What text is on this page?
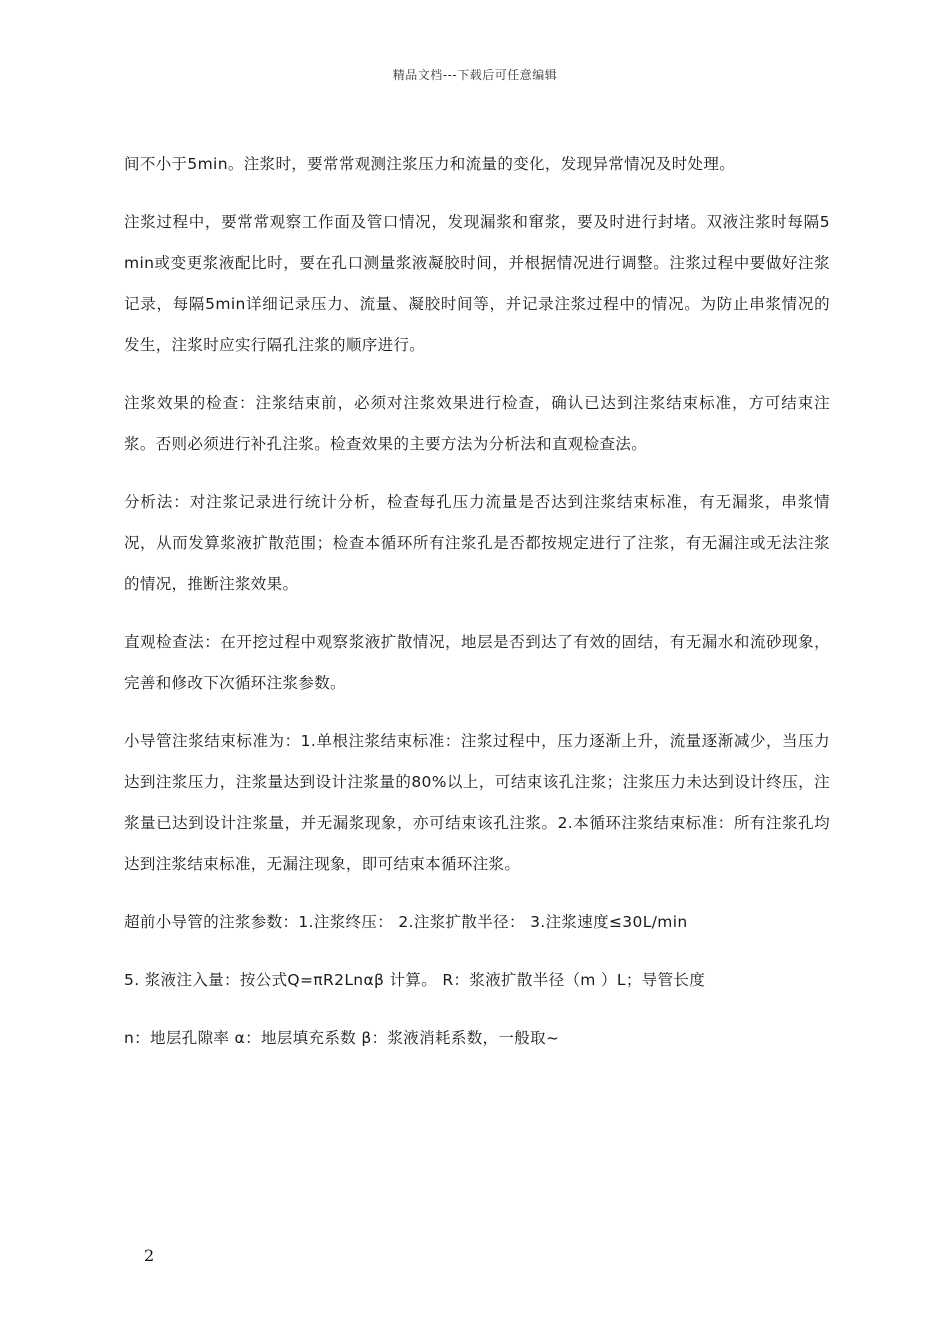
精品文档---下载后可任意编辑

间不小于5min。注浆时，要常常观测注浆压力和流量的变化，发现异常情况及时处理。

注浆过程中，要常常观察工作面及管口情况，发现漏浆和窜浆，要及时进行封堵。双液注浆时每隔5min或变更浆液配比时，要在孔口测量浆液凝胶时间，并根据情况进行调整。注浆过程中要做好注浆记录，每隔5min详细记录压力、流量、凝胶时间等，并记录注浆过程中的情况。为防止串浆情况的发生，注浆时应实行隔孔注浆的顺序进行。

注浆效果的检查：注浆结束前，必须对注浆效果进行检查，确认已达到注浆结束标准，方可结束注浆。否则必须进行补孔注浆。检查效果的主要方法为分析法和直观检查法。

分析法：对注浆记录进行统计分析，检查每孔压力流量是否达到注浆结束标准，有无漏浆，串浆情况，从而发算浆液扩散范围；检查本循环所有注浆孔是否都按规定进行了注浆，有无漏注或无法注浆的情况，推断注浆效果。

直观检查法：在开挖过程中观察浆液扩散情况，地层是否到达了有效的固结，有无漏水和流砂现象，完善和修改下次循环注浆参数。

小导管注浆结束标准为：1.单根注浆结束标准：注浆过程中，压力逐渐上升，流量逐渐减少，当压力达到注浆压力，注浆量达到设计注浆量的80%以上，可结束该孔注浆；注浆压力未达到设计终压，注浆量已达到设计注浆量，并无漏浆现象，亦可结束该孔注浆。2.本循环注浆结束标准：所有注浆孔均达到注浆结束标准，无漏注现象，即可结束本循环注浆。

超前小导管的注浆参数：1.注浆终压： 2.注浆扩散半径： 3.注浆速度≤30L/min

5. 浆液注入量：按公式Q=πR2Lnαβ 计算。 R：浆液扩散半径（m ）L；导管长度

n：地层孔隙率 α：地层填充系数 β：浆液消耗系数，一般取~

2
